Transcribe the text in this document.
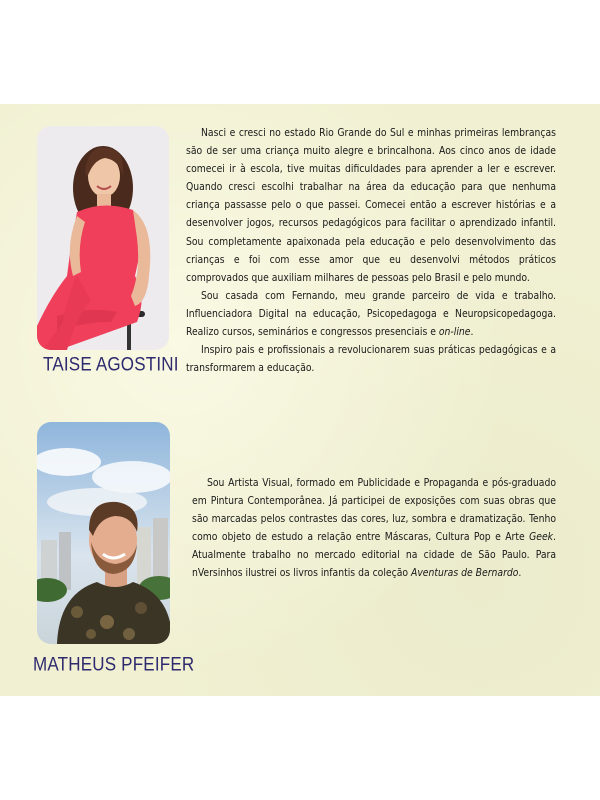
TAISE AGOSTINI

Nasci e cresci no estado Rio Grande do Sul e minhas primeiras lembranças são de ser uma criança muito alegre e brincalhona. Aos cinco anos de idade comecei ir à escola, tive muitas dificuldades para aprender a ler e escrever. Quando cresci escolhi trabalhar na área da educação para que nenhuma criança passasse pelo o que passei. Comecei então a escrever histórias e a desenvolver jogos, recursos pedagógicos para facilitar o aprendizado infantil. Sou completamente apaixonada pela educação e pelo desenvolvimento das crianças e foi com esse amor que eu desenvolvi métodos práticos comprovados que auxiliam milhares de pessoas pelo Brasil e pelo mundo.

Sou casada com Fernando, meu grande parceiro de vida e trabalho. Influenciadora Digital na educação, Psicopedagoga e Neuropsicopedagoga. Realizo cursos, seminários e congressos presenciais e on-line.

Inspiro pais e profissionais a revolucionarem suas práticas pedagógicas e a transformarem a educação.

MATHEUS PFEIFER

Sou Artista Visual, formado em Publicidade e Propaganda e pós-graduado em Pintura Contemporânea. Já participei de exposições com suas obras que são marcadas pelos contrastes das cores, luz, sombra e dramatização. Tenho como objeto de estudo a relação entre Máscaras, Cultura Pop e Arte Geek. Atualmente trabalho no mercado editorial na cidade de São Paulo. Para nVersinhos ilustrei os livros infantis da coleção Aventuras de Bernardo.
